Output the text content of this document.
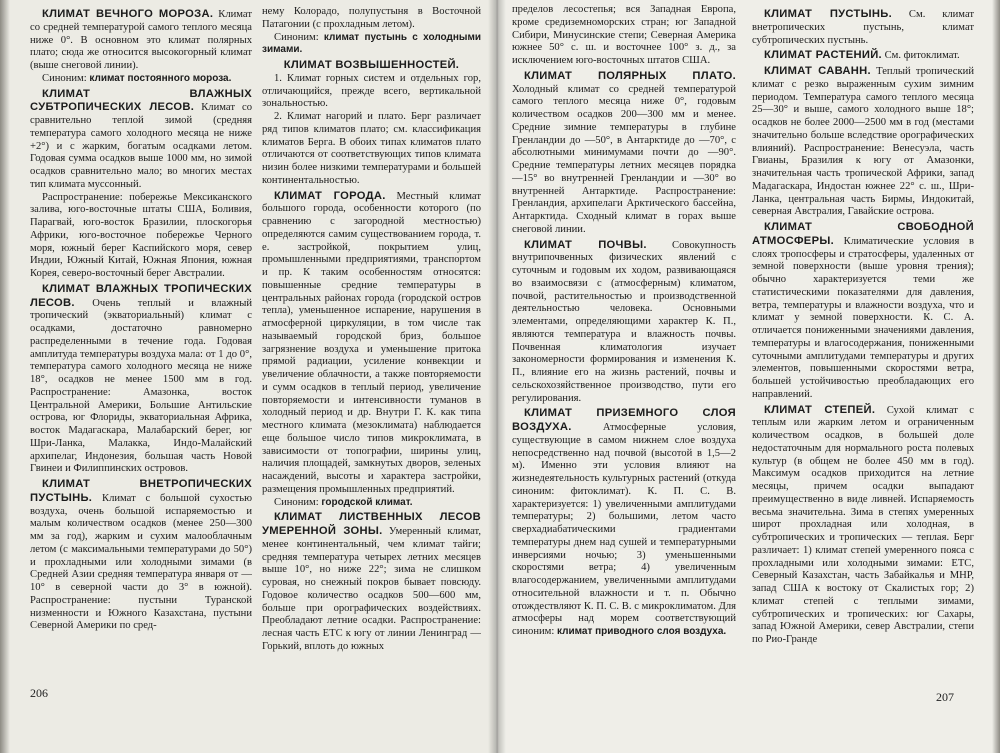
КЛИМАТ ВЕЧНОГО МОРОЗА. Климат со средней температурой самого теплого месяца ниже 0°. В основном это климат полярных плато; сюда же относится высокогорный климат (выше снеговой линии).

Синоним: климат постоянного мороза.

КЛИМАТ ВЛАЖНЫХ СУБТРОПИЧЕСКИХ ЛЕСОВ. Климат со сравнительно теплой зимой (средняя температура самого холодного месяца не ниже +2°) и с жарким, богатым осадками летом. Годовая сумма осадков выше 1000 мм, но зимой осадков сравнительно мало; во многих местах тип климата муссонный.

Распространение: побережье Мексиканского залива, юго-восточные штаты США, Боливия, Парагвай, юго-восток Бразилии, плоскогорья Африки, юго-восточное побережье Черного моря, южный берег Каспийского моря, север Индии, Южный Китай, Южная Япония, южная Корея, северо-восточный берег Австралии.

КЛИМАТ ВЛАЖНЫХ ТРОПИЧЕСКИХ ЛЕСОВ. Очень теплый и влажный тропический (экваториальный) климат с осадками, достаточно равномерно распределенными в течение года. Годовая амплитуда температуры воздуха мала: от 1 до 0°, температура самого холодного месяца не ниже 18°, осадков не менее 1500 мм в год. Распространение: Амазонка, восток Центральной Америки, Большие Антильские острова, юг Флориды, экваториальная Африка, восток Мадагаскара, Малабарский берег, юг Шри-Ланка, Малакка, Индо-Малайский архипелаг, Индонезия, большая часть Новой Гвинеи и Филиппинских островов.

КЛИМАТ ВНЕТРОПИЧЕСКИХ ПУСТЫНЬ. Климат с большой сухостью воздуха, очень большой испаряемостью и малым количеством осадков (менее 250—300 мм за год), жарким и сухим малооблачным летом (с максимальными температурами до 50°) и прохладными или холодными зимами (в Средней Азии средняя температура января от —10° в северной части до 3° в южной). Распространение: пустыни Туранской низменности и Южного Казахстана, пустыни Северной Америки по сред-

нему Колорадо, полупустыня в Восточной Патагонии (с прохладным летом).

Синоним: климат пустынь с холодными зимами.

КЛИМАТ ВОЗВЫШЕННОСТЕЙ.

1. Климат горных систем и отдельных гор, отличающийся, прежде всего, вертикальной зональностью.

2. Климат нагорий и плато. Берг различает ряд типов климатов плато; см. классификация климатов Берга. В обоих типах климатов плато отличаются от соответствующих типов климата низин более низкими температурами и большей континентальностью.

КЛИМАТ ГОРОДА. Местный климат большого города, особенности которого (по сравнению с загородной местностью) определяются самим существованием города, т. е. застройкой, покрытием улиц, промышленными предприятиями, транспортом и пр. К таким особенностям относятся: повышенные средние температуры в центральных районах города (городской остров тепла), уменьшенное испарение, нарушения в атмосферной циркуляции, в том числе так называемый городской бриз, большое загрязнение воздуха и уменьшение притока прямой радиации, усиление конвекции и увеличение облачности, а также повторяемости и сумм осадков в теплый период, увеличение повторяемости и интенсивности туманов в холодный период и др. Внутри Г. К. как типа местного климата (мезоклимата) наблюдается еще большое число типов микроклимата, в зависимости от топографии, ширины улиц, наличия площадей, замкнутых дворов, зеленых насаждений, высоты и характера застройки, размещения промышленных предприятий.

Синоним: городской климат.

КЛИМАТ ЛИСТВЕННЫХ ЛЕСОВ УМЕРЕННОЙ ЗОНЫ. Умеренный климат, менее континентальный, чем климат тайги; средняя температура четырех летних месяцев выше 10°, но ниже 22°; зима не слишком суровая, но снежный покров бывает повсюду. Годовое количество осадков 500—600 мм, больше при орографических воздействиях. Преобладают летние осадки. Распространение: лесная часть ЕТС к югу от линии Ленинград — Горький, вплоть до южных

206

пределов лесостепья; вся Западная Европа, кроме средиземноморских стран; юг Западной Сибири, Минусинские степи; Северная Америка южнее 50° с. ш. и восточнее 100° з. д., за исключением юго-восточных штатов США.

КЛИМАТ ПОЛЯРНЫХ ПЛАТО. Холодный климат со средней температурой самого теплого месяца ниже 0°, годовым количеством осадков 200—300 мм и менее. Средние зимние температуры в глубине Гренландии до —50°, в Антарктиде до —70°, с абсолютными минимумами почти до —90°. Средние температуры летних месяцев порядка —15° во внутренней Гренландии и —30° во внутренней Антарктиде. Распространение: Гренландия, архипелаги Арктического бассейна, Антарктида. Сходный климат в горах выше снеговой линии.

КЛИМАТ ПОЧВЫ. Совокупность внутрипочвенных физических явлений с суточным и годовым их ходом, развивающаяся во взаимосвязи с (атмосферным) климатом, почвой, растительностью и производственной деятельностью человека. Основными элементами, определяющими характер К. П., являются температура и влажность почвы. Почвенная климатология изучает закономерности формирования и изменения К. П., влияние его на жизнь растений, почвы и сельскохозяйственное производство, пути его регулирования.

КЛИМАТ ПРИЗЕМНОГО СЛОЯ ВОЗДУХА.	Атмосферные условия, существующие в самом нижнем слое воздуха непосредственно над почвой (высотой в 1,5—2 м). Именно эти условия влияют на жизнедеятельность культурных растений (откуда синоним: фитоклимат). К. П. С. В. характеризуется: 1) увеличенными амплитудами температуры; 2) большими, летом часто сверхадиабатическими градиентами температуры днем над сушей и температурными инверсиями ночью; 3) уменьшенными скоростями ветра; 4) увеличенным влагосодержанием, увеличенными амплитудами относительной влажности и т. п. Обычно отождествляют К. П. С. В. с микроклиматом. Для атмосферы над морем соответствующий синоним: климат приводного слоя воздуха.

КЛИМАТ ПУСТЫНЬ. См. климат внетропических пустынь, климат субтропических пустынь.

КЛИМАТ РАСТЕНИЙ. См. фитоклимат.

КЛИМАТ САВАНН. Теплый тропический климат с резко выраженным сухим зимним периодом. Температура самого теплого месяца 25—30° и выше, самого холодного выше 18°; осадков не более 2000—2500 мм в год (местами значительно больше вследствие орографических влияний). Распространение: Венесуэла, часть Гвианы, Бразилия к югу от Амазонки, значительная часть тропической Африки, запад Мадагаскара, Индостан южнее 22° с. ш., Шри-Ланка, центральная часть Бирмы, Индокитай, северная Австралия, Гавайские острова.

КЛИМАТ СВОБОДНОЙ АТМОСФЕРЫ. Климатические условия в слоях тропосферы и стратосферы, удаленных от земной поверхности (выше уровня трения); обычно характеризуется теми же статистическими показателями для давления, ветра, температуры и влажности воздуха, что и климат у земной поверхности. К. С. А. отличается пониженными значениями давления, температуры и влагосодержания, пониженными суточными амплитудами температуры и других элементов, повышенными скоростями ветра, большей устойчивостью преобладающих его направлений.

КЛИМАТ СТЕПЕЙ. Сухой климат с теплым или жарким летом и ограниченным количеством осадков, в большей доле недостаточным для нормального роста полевых культур (в общем не более 450 мм в год). Максимум осадков приходится на летние месяцы, причем осадки выпадают преимущественно в виде ливней. Испаряемость весьма значительна. Зима в степях умеренных широт прохладная или холодная, в субтропических и тропических — теплая. Берг различает: 1) климат степей умеренного пояса с прохладными или холодными зимами: ЕТС, Северный Казахстан, часть Забайкалья и МНР, запад США к востоку от Скалистых гор; 2) климат степей с теплыми зимами, субтропических и тропических: юг Сахары, запад Южной Америки, север Австралии, степи по Рио-Гранде

207
